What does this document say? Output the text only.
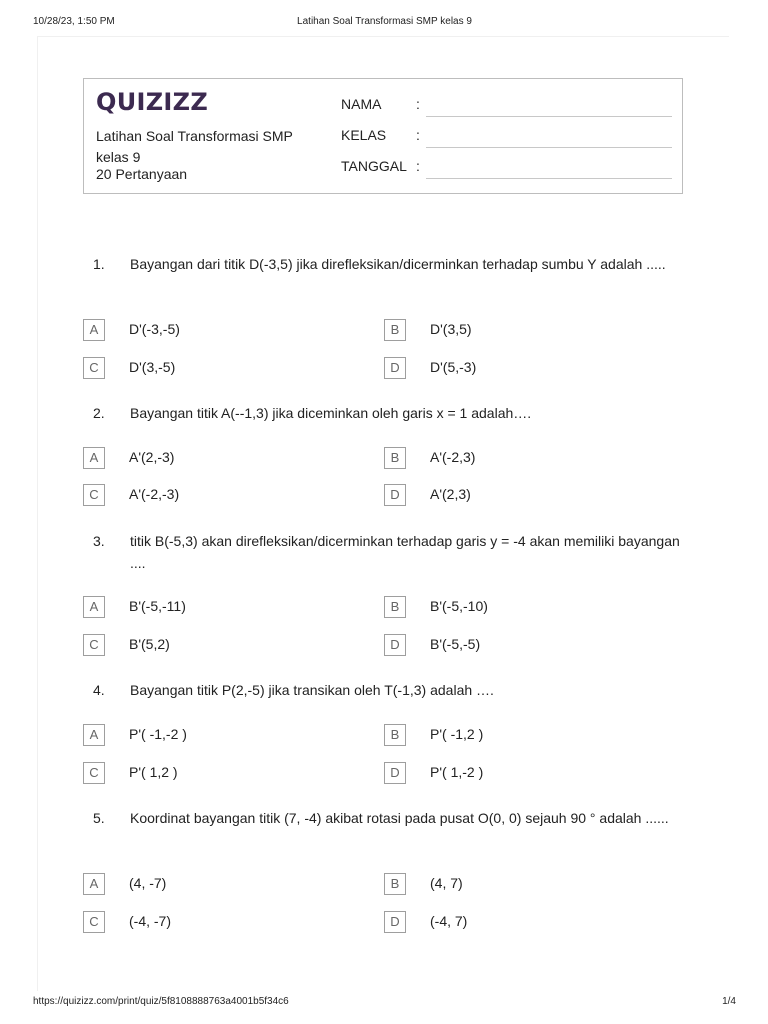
10/28/23, 1:50 PM	Latihan Soal Transformasi SMP kelas 9
QUIZIZZ
Latihan Soal Transformasi SMP kelas 9
20 Pertanyaan
NAMA :
KELAS :
TANGGAL :
1. Bayangan dari titik D(-3,5) jika direfleksikan/dicerminkan terhadap sumbu Y adalah .....
A	D'(-3,-5)	B	D'(3,5)
C	D'(3,-5)	D	D'(5,-3)
2. Bayangan titik A(--1,3) jika diceminkan oleh garis x = 1 adalah….
A	A'(2,-3)	B	A'(-2,3)
C	A'(-2,-3)	D	A'(2,3)
3. titik B(-5,3) akan direfleksikan/dicerminkan terhadap garis y = -4 akan memiliki bayangan ....
A	B'(-5,-11)	B	B'(-5,-10)
C	B'(5,2)	D	B'(-5,-5)
4. Bayangan titik P(2,-5) jika transikan oleh T(-1,3) adalah ….
A	P'( -1,-2 )	B	P'( -1,2 )
C	P'( 1,2 )	D	P'( 1,-2 )
5. Koordinat bayangan titik (7, -4) akibat rotasi pada pusat O(0, 0) sejauh 90 ° adalah ......
A	(4, -7)	B	(4, 7)
C	(-4, -7)	D	(-4, 7)
https://quizizz.com/print/quiz/5f8108888763a4001b5f34c6	1/4
